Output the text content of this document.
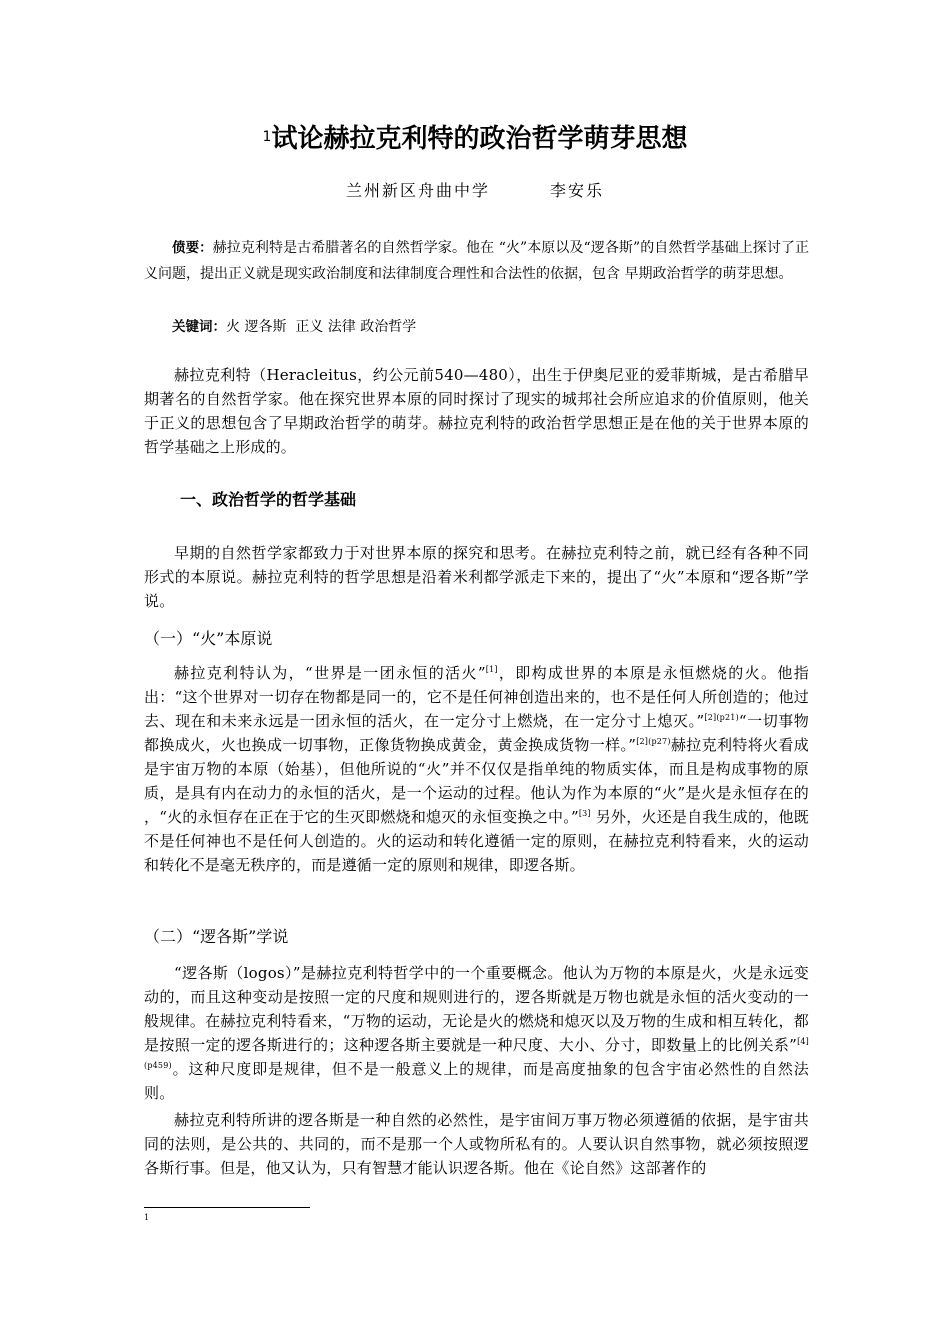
$^1$试论赫拉克利特的政治哲学萌芽思想
兰州新区舟曲中学	李安乐
偾要：赫拉克利特是古希腊著名的自然哲学家。他在 “火”本原以及“逻各斯”的自然哲学基础上探讨了正义问题，提出正义就是现实政治制度和法律制度合理性和合法性的依据，包含 早期政治哲学的萌芽思想。
关键词：火 逻各斯  正义 法律 政治哲学
赫拉克利特（Heracleitus，约公元前540—480），出生于伊奥尼亚的爱菲斯城，是古希腊早期著名的自然哲学家。他在探究世界本原的同时探讨了现实的城邦社会所应追求的价值原则，他关于正义的思想包含了早期政治哲学的萌芽。赫拉克利特的政治哲学思想正是在他的关于世界本原的哲学基础之上形成的。
一、政治哲学的哲学基础
早期的自然哲学家都致力于对世界本原的探究和思考。在赫拉克利特之前，就已经有各种不同形式的本原说。赫拉克利特的哲学思想是沿着米利都学派走下来的，提出了“火”本原和“逻各斯”学说。
（一）“火”本原说
赫拉克利特认为，“世界是一团永恒的活火”[1]，即构成世界的本原是永恒燃烧的火。他指出：“这个世界对一切存在物都是同一的，它不是任何神创造出来的，也不是任何人所创造的；他过去、现在和未来永远是一团永恒的活火，在一定分寸上燃烧，在一定分寸上熄灭。”$^{[2](p21)}$“一切事物都换成火，火也换成一切事物，正像货物换成黄金，黄金换成货物一样。”$^{[2](p27)}$赫拉克利特将火看成是宇宙万物的本原（始基），但他所说的“火”并不仅仅是指单纯的物质实体，而且是构成事物的原质，是具有内在动力的永恒的活火，是一个运动的过程。他认为作为本原的“火”是火是永恒存在的 ，“火的永恒存在正在于它的生灭即燃烧和熄灭的永恒变换之中。”[3] 另外，火还是自我生成的，他既不是任何神也不是任何人创造的。火的运动和转化遵循一定的原则，在赫拉克利特看来，火的运动和转化不是毫无秩序的，而是遵循一定的原则和规律，即逻各斯。
（二）“逻各斯”学说
“逻各斯（logos）”是赫拉克利特哲学中的一个重要概念。他认为万物的本原是火，火是永远变动的，而且这种变动是按照一定的尺度和规则进行的，逻各斯就是万物也就是永恒的活火变动的一般规律。在赫拉克利特看来，“万物的运动，无论是火的燃烧和熄灭以及万物的生成和相互转化，都是按照一定的逻各斯进行的；这种逻各斯主要就是一种尺度、大小、分寸，即数量上的比例关系”$^{[4](p459)}$。这种尺度即是规律，但不是一般意义上的规律，而是高度抽象的包含宇宙必然性的自然法则。
赫拉克利特所讲的逻各斯是一种自然的必然性，是宇宙间万事万物必须遵循的依据，是宇宙共同的法则，是公共的、共同的，而不是那一个人或物所私有的。人要认识自然事物，就必须按照逻各斯行事。但是，他又认为，只有智慧才能认识逻各斯。他在《论自然》这部著作的
1
